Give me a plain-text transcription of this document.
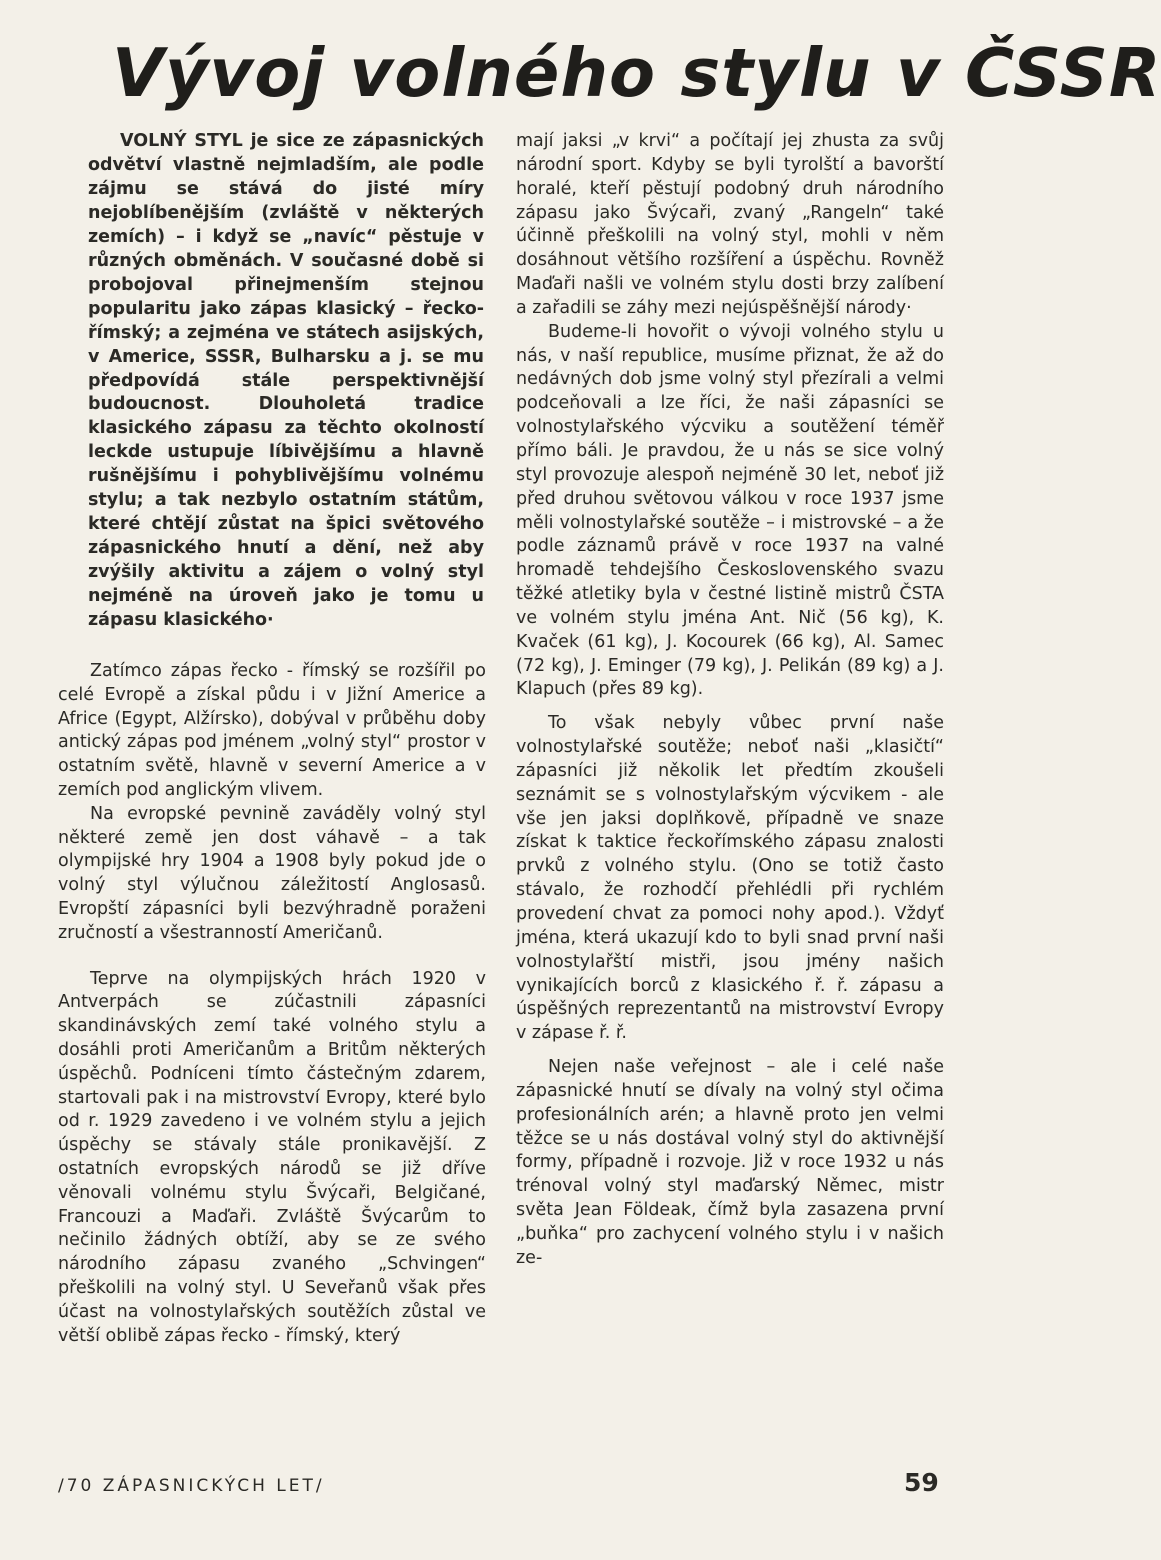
Vývoj volného stylu v ČSSR

VOLNÝ STYL je sice ze zápasnických odvětví vlastně nejmladším, ale podle zájmu se stává do jisté míry nejoblíbenějším (zvláště v některých zemích) – i když se „navíc“ pěstuje v různých obměnách. V současné době si probojoval přinejmenším stejnou popularitu jako zápas klasický – řecko-římský; a zejména ve státech asijských, v Americe, SSSR, Bulharsku a j. se mu předpovídá stále perspektivnější budoucnost. Dlouholetá tradice klasického zápasu za těchto okolností leckde ustupuje líbivějšímu a hlavně rušnějšímu i pohyblivějšímu volnému stylu; a tak nezbylo ostatním státům, které chtějí zůstat na špici světového zápasnického hnutí a dění, než aby zvýšily aktivitu a zájem o volný styl nejméně na úroveň jako je tomu u zápasu klasického·

Zatímco zápas řecko - římský se rozšířil po celé Evropě a získal půdu i v Jižní Americe a Africe (Egypt, Alžírsko), dobýval v průběhu doby antický zápas pod jménem „volný styl“ prostor v ostatním světě, hlavně v severní Americe a v zemích pod anglickým vlivem.

Na evropské pevnině zaváděly volný styl některé země jen dost váhavě – a tak olympijské hry 1904 a 1908 byly pokud jde o volný styl výlučnou záležitostí Anglosasů. Evropští zápasníci byli bezvýhradně poraženi zručností a všestranností Američanů.

Teprve na olympijských hrách 1920 v Antverpách se zúčastnili zápasníci skandinávských zemí také volného stylu a dosáhli proti Američanům a Britům některých úspěchů. Podníceni tímto částečným zdarem, startovali pak i na mistrovství Evropy, které bylo od r. 1929 zavedeno i ve volném stylu a jejich úspěchy se stávaly stále pronikavější. Z ostatních evropských národů se již dříve věnovali volnému stylu Švýcaři, Belgičané, Francouzi a Maďaři. Zvláště Švýcarům to nečinilo žádných obtíží, aby se ze svého národního zápasu zvaného „Schvingen“ přeškolili na volný styl. U Seveřanů však přes účast na volnostylařských soutěžích zůstal ve větší oblibě zápas řecko - římský, který

mají jaksi „v krvi“ a počítají jej zhusta za svůj národní sport. Kdyby se byli tyrolští a bavorští horalé, kteří pěstují podobný druh národního zápasu jako Švýcaři, zvaný „Rangeln“ také účinně přeškolili na volný styl, mohli v něm dosáhnout většího rozšíření a úspěchu. Rovněž Maďaři našli ve volném stylu dosti brzy zalíbení a zařadili se záhy mezi nejúspěšnější národy·

Budeme-li hovořit o vývoji volného stylu u nás, v naší republice, musíme přiznat, že až do nedávných dob jsme volný styl přezírali a velmi podceňovali a lze říci, že naši zápasníci se volnostylařského výcviku a soutěžení téměř přímo báli. Je pravdou, že u nás se sice volný styl provozuje alespoň nejméně 30 let, neboť již před druhou světovou válkou v roce 1937 jsme měli volnostylařské soutěže – i mistrovské – a že podle záznamů právě v roce 1937 na valné hromadě tehdejšího Československého svazu těžké atletiky byla v čestné listině mistrů ČSTA ve volném stylu jména Ant. Nič (56 kg), K. Kvaček (61 kg), J. Kocourek (66 kg), Al. Samec (72 kg), J. Eminger (79 kg), J. Pelikán (89 kg) a J. Klapuch (přes 89 kg).

To však nebyly vůbec první naše volnostylařské soutěže; neboť naši „klasičtí“ zápasníci již několik let předtím zkoušeli seznámit se s volnostylařským výcvikem - ale vše jen jaksi doplňkově, případně ve snaze získat k taktice řeckořímského zápasu znalosti prvků z volného stylu. (Ono se totiž často stávalo, že rozhodčí přehlédli při rychlém provedení chvat za pomoci nohy apod.). Vždyť jména, která ukazují kdo to byli snad první naši volnostylařští mistři, jsou jmény našich vynikajících borců z klasického ř. ř. zápasu a úspěšných reprezentantů na mistrovství Evropy v zápase ř. ř.

Nejen naše veřejnost – ale i celé naše zápasnické hnutí se dívaly na volný styl očima profesionálních arén; a hlavně proto jen velmi těžce se u nás dostával volný styl do aktivnější formy, případně i rozvoje. Již v roce 1932 u nás trénoval volný styl maďarský Němec, mistr světa Jean Földeak, čímž byla zasazena první „buňka“ pro zachycení volného stylu i v našich ze-

/70 ZÁPASNICKÝCH LET/	59
